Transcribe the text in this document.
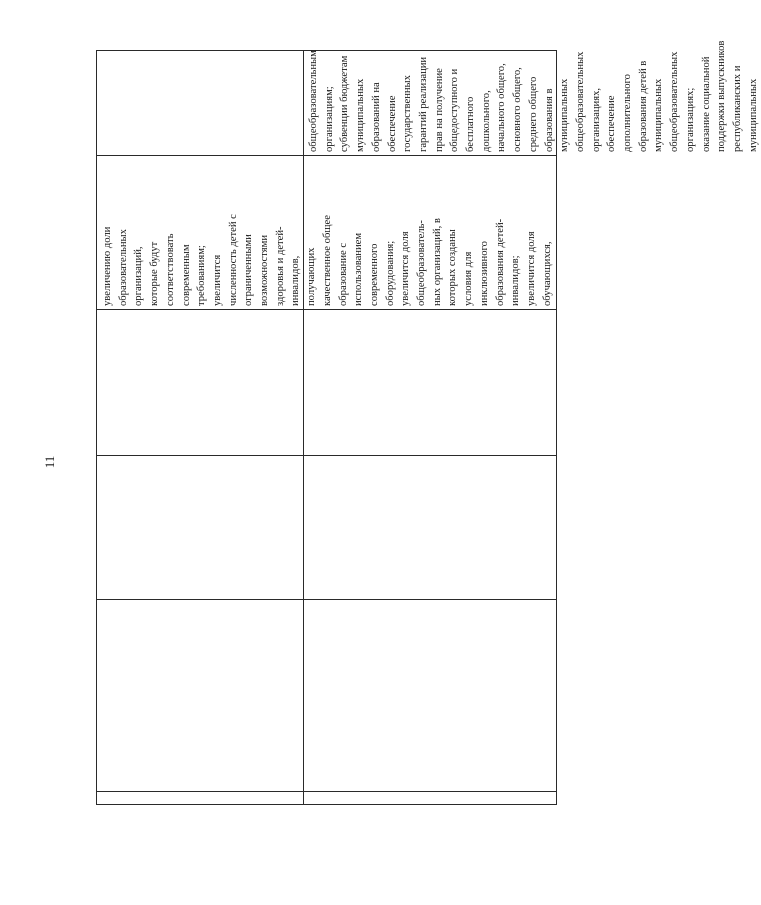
11
увеличению доли образовательных организаций, которые будут соответствовать современным требованиям; увеличится численность детей с ограниченными возможностями здоровья и детей- инвалидов, получающих качественное общее образование с использованием современного оборудования; увеличится доля общеобразователь- ных организаций, в которых созданы условия для инклюзивного образования детей- инвалидов; увеличится доля обучающихся,
общеобразовательным организациям; субвенции бюджетам муниципальных образований на обеспечение государственных гарантий реализации прав на получение общедоступного и бесплатного дошкольного, начального общего, основного общего, среднего общего образования в муниципальных общеобразовательных организациях, обеспечение дополнительного образования детей в муниципальных общеобразовательных организациях; оказание социальной поддержки выпускников республиканских и муниципальных
